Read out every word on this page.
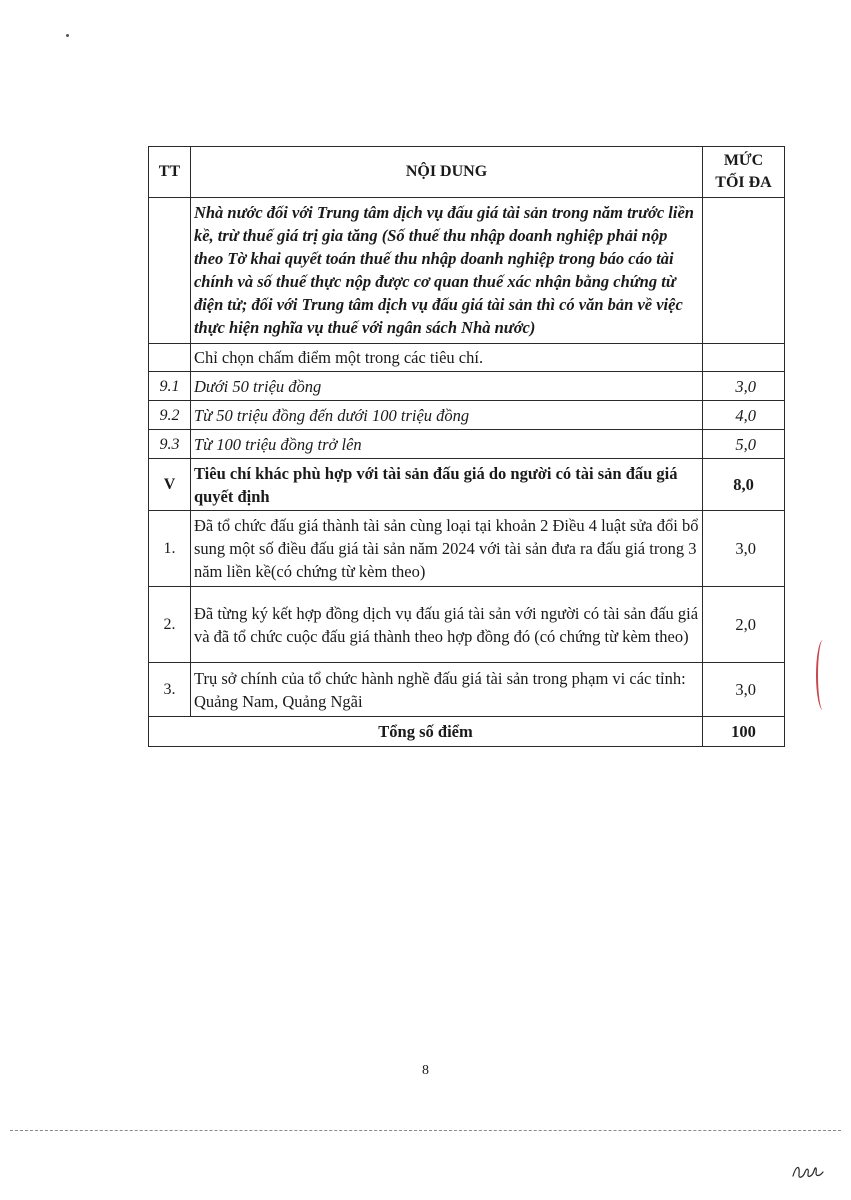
TT	NỘI DUNG	MỨC TỐI ĐA
	Nhà nước đối với Trung tâm dịch vụ đấu giá tài sản trong năm trước liền kề, trừ thuế giá trị gia tăng (Số thuế thu nhập doanh nghiệp phải nộp theo Tờ khai quyết toán thuế thu nhập doanh nghiệp trong báo cáo tài chính và số thuế thực nộp được cơ quan thuế xác nhận bằng chứng từ điện tử; đối với Trung tâm dịch vụ đấu giá tài sản thì có văn bản về việc thực hiện nghĩa vụ thuế với ngân sách Nhà nước)	
	Chỉ chọn chấm điểm một trong các tiêu chí.	
9.1	Dưới 50 triệu đồng	3,0
9.2	Từ 50 triệu đồng đến dưới 100 triệu đồng	4,0
9.3	Từ 100 triệu đồng trở lên	5,0
V	Tiêu chí khác phù hợp với tài sản đấu giá do người có tài sản đấu giá quyết định	8,0
1.	Đã tổ chức đấu giá thành tài sản cùng loại tại khoản 2 Điều 4 luật sửa đổi bổ sung một số điều đấu giá tài sản năm 2024 với tài sản đưa ra đấu giá trong 3 năm liền kề(có chứng từ kèm theo)	3,0
2.	Đã từng ký kết hợp đồng dịch vụ đấu giá tài sản với người có tài sản đấu giá và đã tổ chức cuộc đấu giá thành theo hợp đồng đó (có chứng từ kèm theo)	2,0
3.	Trụ sở chính của tổ chức hành nghề đấu giá tài sản trong phạm vi các tỉnh: Quảng Nam, Quảng Ngãi	3,0
Tổng số điểm		100
8
